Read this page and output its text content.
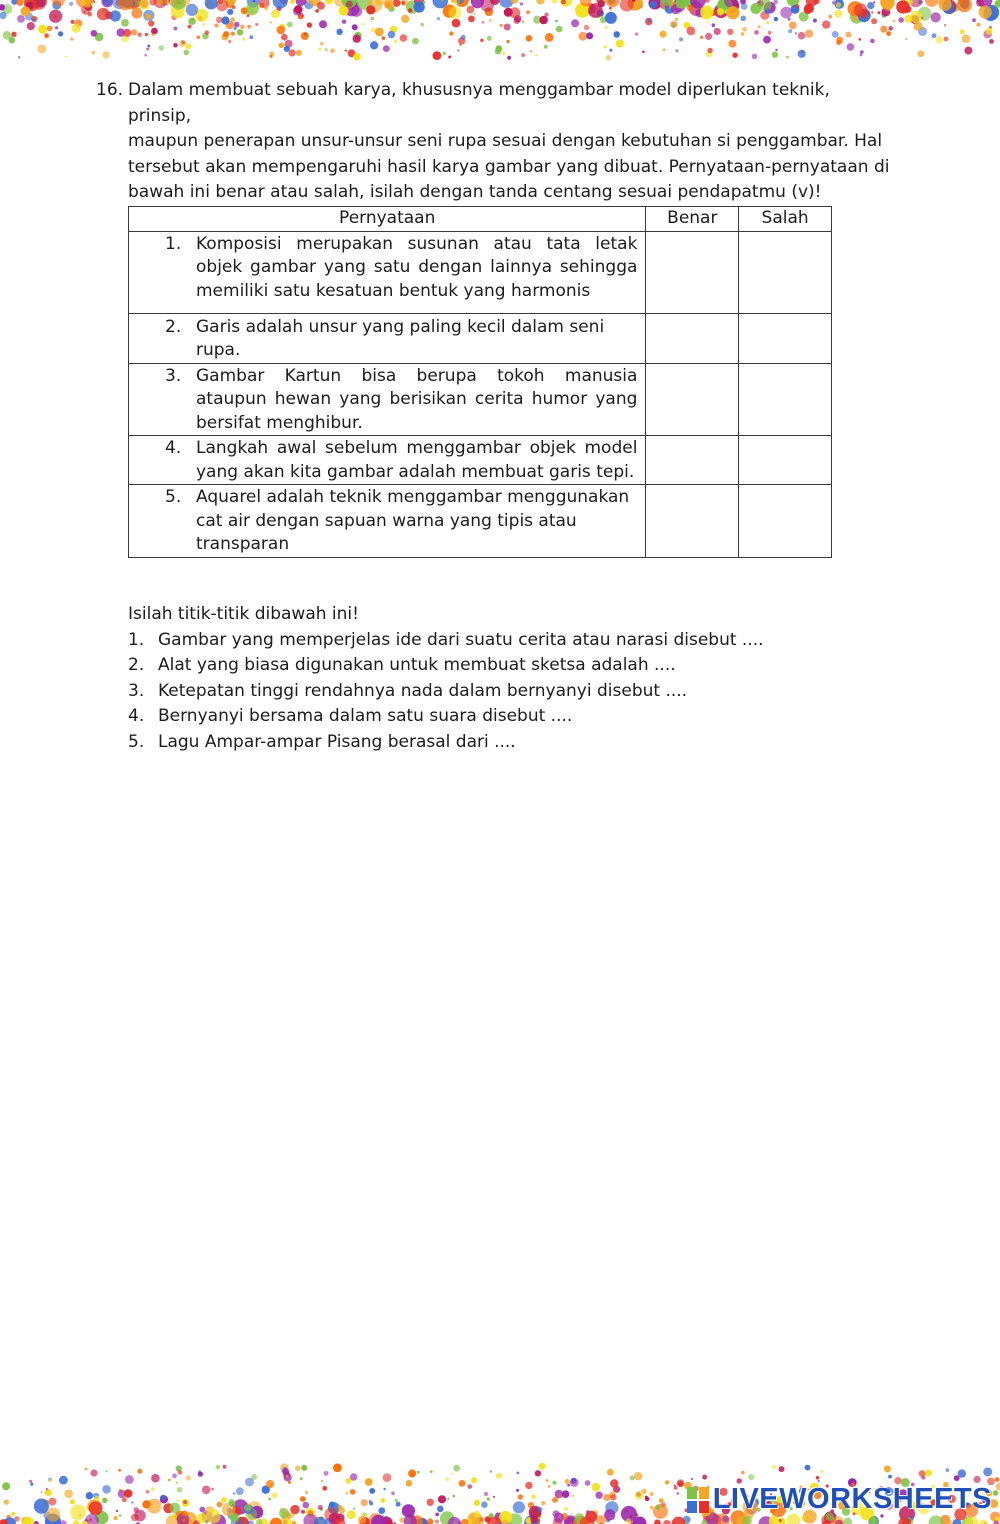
16. Dalam membuat sebuah karya, khususnya menggambar model diperlukan teknik, prinsip,
maupun penerapan unsur-unsur seni rupa sesuai dengan kebutuhan si penggambar. Hal
tersebut akan mempengaruhi hasil karya gambar yang dibuat. Pernyataan-pernyataan di
bawah ini benar atau salah, isilah dengan tanda centang sesuai pendapatmu (v)!
Pernyataan	Benar	Salah

1. Komposisi merupakan susunan atau tata letak objek gambar yang satu dengan lainnya sehingga memiliki satu kesatuan bentuk yang harmonis		

2. Garis adalah unsur yang paling kecil dalam seni rupa.		

3. Gambar Kartun bisa berupa tokoh manusia ataupun hewan yang berisikan cerita humor yang bersifat menghibur.		

4. Langkah awal sebelum menggambar objek model yang akan kita gambar adalah membuat garis tepi.		

5. Aquarel adalah teknik menggambar menggunakan cat air dengan sapuan warna yang tipis atau transparan		

Isilah titik-titik dibawah ini!
1. Gambar yang memperjelas ide dari suatu cerita atau narasi disebut ....
2. Alat yang biasa digunakan untuk membuat sketsa adalah ....
3. Ketepatan tinggi rendahnya nada dalam bernyanyi disebut ....
4. Bernyanyi bersama dalam satu suara disebut ....
5. Lagu Ampar-ampar Pisang berasal dari ....
LIVEWORKSHEETS
